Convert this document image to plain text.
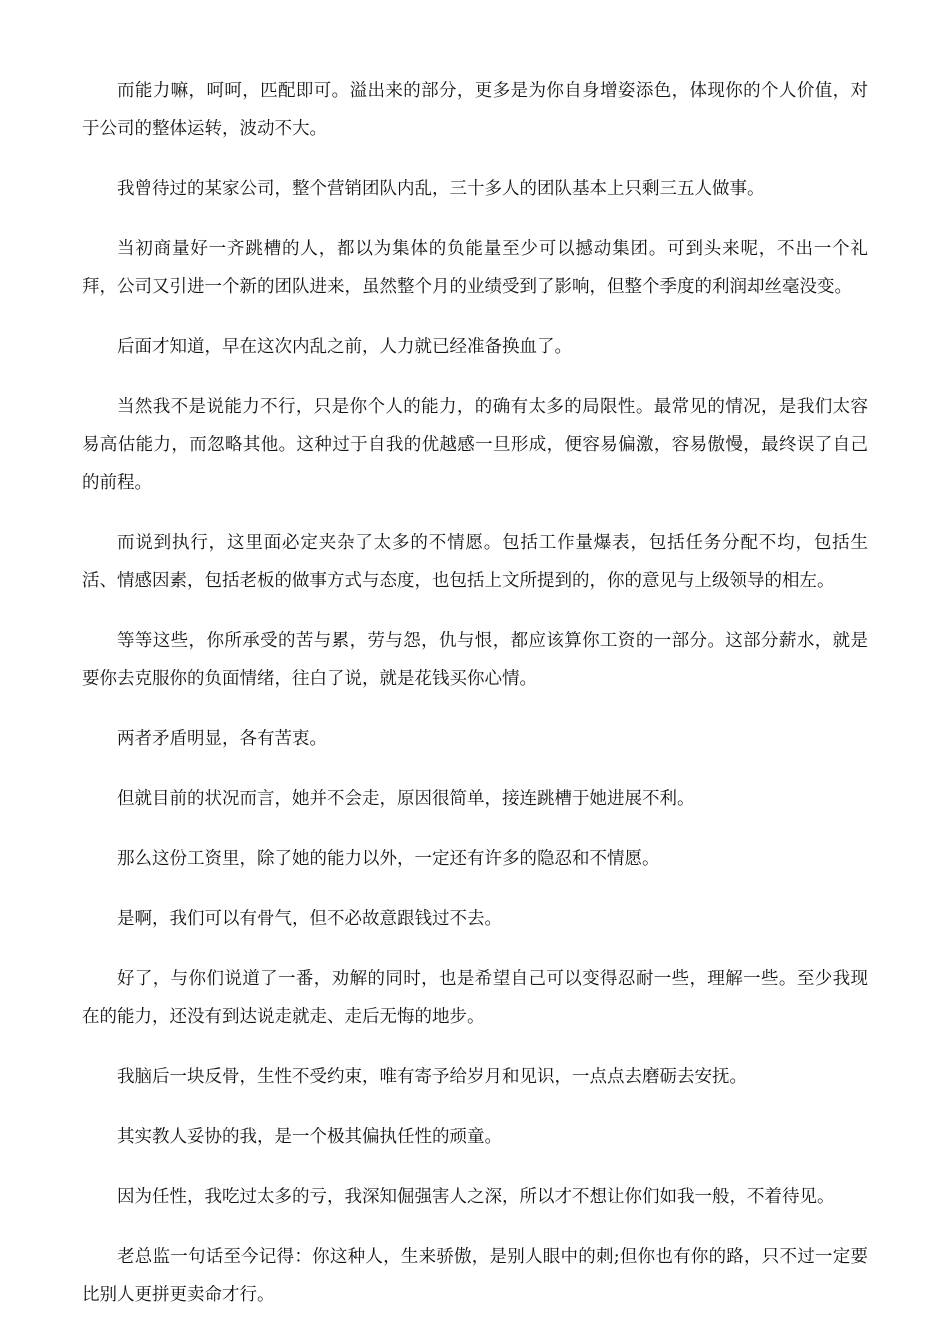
而能力嘛，呵呵，匹配即可。溢出来的部分，更多是为你自身增姿添色，体现你的个人价值，对于公司的整体运转，波动不大。

我曾待过的某家公司，整个营销团队内乱，三十多人的团队基本上只剩三五人做事。

当初商量好一齐跳槽的人，都以为集体的负能量至少可以撼动集团。可到头来呢，不出一个礼拜，公司又引进一个新的团队进来，虽然整个月的业绩受到了影响，但整个季度的利润却丝毫没变。

后面才知道，早在这次内乱之前，人力就已经准备换血了。

当然我不是说能力不行，只是你个人的能力，的确有太多的局限性。最常见的情况，是我们太容易高估能力，而忽略其他。这种过于自我的优越感一旦形成，便容易偏激，容易傲慢，最终误了自己的前程。

而说到执行，这里面必定夹杂了太多的不情愿。包括工作量爆表，包括任务分配不均，包括生活、情感因素，包括老板的做事方式与态度，也包括上文所提到的，你的意见与上级领导的相左。

等等这些，你所承受的苦与累，劳与怨，仇与恨，都应该算你工资的一部分。这部分薪水，就是要你去克服你的负面情绪，往白了说，就是花钱买你心情。

两者矛盾明显，各有苦衷。

但就目前的状况而言，她并不会走，原因很简单，接连跳槽于她进展不利。

那么这份工资里，除了她的能力以外，一定还有许多的隐忍和不情愿。

是啊，我们可以有骨气，但不必故意跟钱过不去。

好了，与你们说道了一番，劝解的同时，也是希望自己可以变得忍耐一些，理解一些。至少我现在的能力，还没有到达说走就走、走后无悔的地步。

我脑后一块反骨，生性不受约束，唯有寄予给岁月和见识，一点点去磨砺去安抚。

其实教人妥协的我，是一个极其偏执任性的顽童。

因为任性，我吃过太多的亏，我深知倔强害人之深，所以才不想让你们如我一般，不着待见。

老总监一句话至今记得：你这种人，生来骄傲，是别人眼中的刺;但你也有你的路，只不过一定要比别人更拼更卖命才行。
